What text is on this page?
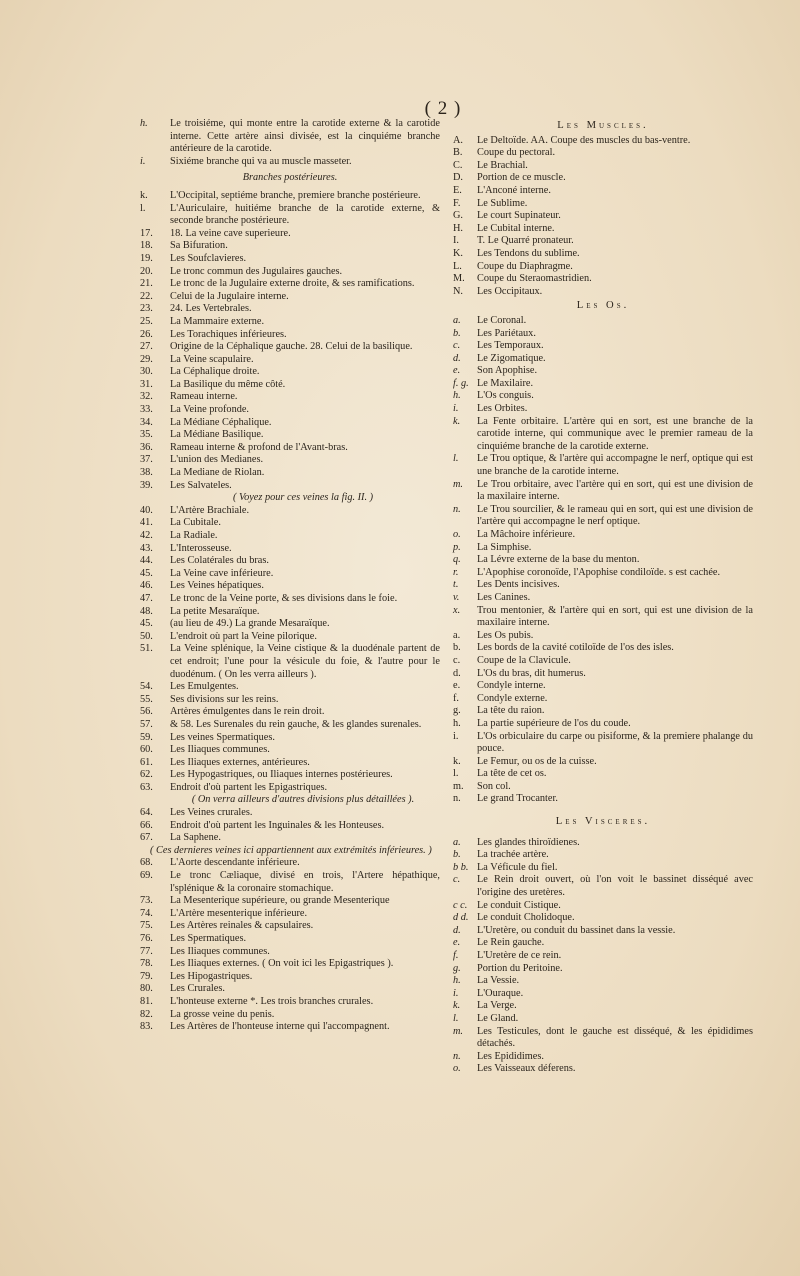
( 2 )
h.	Le troisiéme, qui monte entre la carotide externe & la carotide interne. Cette artère ainsi divisée, est la cinquiéme branche antérieure de la carotide.
i.	Sixiéme branche qui va au muscle masseter.
Branches postérieures.
k.	L'Occipital, septiéme branche, premiere branche postérieure.
l.	L'Auriculaire, huitiéme branche de la carotide externe, & seconde branche postérieure.
17.	18. La veine cave superieure.
18.	Sa Bifuration.
19.	Les Soufclavieres.
20.	Le tronc commun des Jugulaires gauches.
21.	Le tronc de la Jugulaire externe droite, & ses ramifications.
22.	Celui de la Jugulaire interne.
23.	24. Les Vertebrales.
25.	La Mammaire externe.
26.	Les Torachiques inférieures.
27.	Origine de la Céphalique gauche. 28. Celui de la basilique.
29.	La Veine scapulaire.
30.	La Céphalique droite.
31.	La Basilique du même côté.
32.	Rameau interne.
33.	La Veine profonde.
34.	La Médiane Céphalique.
35.	La Médiane Basilique.
36.	Rameau interne & profond de l'Avant-bras.
37.	L'union des Medianes.
38.	La Mediane de Riolan.
39.	Les Salvateles.
( Voyez pour ces veines la fig. II. )
40.	L'Artère Brachiale.
41.	La Cubitale.
42.	La Radiale.
43.	L'Interosseuse.
44.	Les Colatérales du bras.
45.	La Veine cave inférieure.
46.	Les Veines hépatiques.
47.	Le tronc de la Veine porte, & ses divisions dans le foie.
48.	La petite Mesaraïque.
45.	(au lieu de 49.) La grande Mesaraïque.
50.	L'endroit où part la Veine pilorique.
51.	La Veine splénique, la Veine cistique & la duodénale partent de cet endroit; l'une pour la vésicule du foie, & l'autre pour le duodénum. ( On les verra ailleurs ).
54.	Les Emulgentes.
55.	Ses divisions sur les reins.
56.	Artères émulgentes dans le rein droit.
57.	& 58. Les Surenales du rein gauche, & les glandes surenales.
59.	Les veines Spermatiques.
60.	Les Iliaques communes.
61.	Les Iliaques externes, antérieures.
62.	Les Hypogastriques, ou Iliaques internes postérieures.
63.	Endroit d'où partent les Epigastriques.
( On verra ailleurs d'autres divisions plus détaillées ).
64.	Les Veines crurales.
66.	Endroit d'où partent les Inguinales & les Honteuses.
67.	La Saphene.
( Ces dernieres veines ici appartiennent aux extrémités inférieures. )
68.	L'Aorte descendante inférieure.
69.	Le tronc Cæliaque, divisé en trois, l'Artere hépathique, l'splénique & la coronaire stomachique.
73.	La Mesenterique supérieure, ou grande Mesenterique
74.	L'Artère mesenterique inférieure.
75.	Les Artères reinales & capsulaires.
76.	Les Spermatiques.
77.	Les Iliaques communes.
78.	Les Iliaques externes. ( On voit ici les Epigastriques ).
79.	Les Hipogastriques.
80.	Les Crurales.
81.	L'honteuse externe *. Les trois branches crurales.
82.	La grosse veine du penis.
83.	Les Artères de l'honteuse interne qui l'accompagnent.
Les Muscles.
A.	Le Deltoïde. AA. Coupe des muscles du bas-ventre.
B.	Coupe du pectoral.
C.	Le Brachial.
D.	Portion de ce muscle.
E.	L'Anconé interne.
F.	Le Sublime.
G.	Le court Supinateur.
H.	Le Cubital interne.
I.	T. Le Quarré pronateur.
K.	Les Tendons du sublime.
L.	Coupe du Diaphragme.
M.	Coupe du Steraomastridien.
N.	Les Occipitaux.
Les Os.
a.	Le Coronal.
b.	Les Pariétaux.
c.	Les Temporaux.
d.	Le Zigomatique.
e.	Son Apophise.
f. g. Le Maxilaire.
h.	L'Os conguis.
i.	Les Orbites.
k.	La Fente orbitaire. L'artère qui en sort, est une branche de la carotide interne, qui communique avec le premier rameau de la cinquiéme branche de la carotide externe.
l.	Le Trou optique, & l'artère qui accompagne le nerf, optique qui est une branche de la carotide interne.
m.	Le Trou orbitaire, avec l'artère qui en sort, qui est une division de la maxilaire interne.
n.	Le Trou sourcilier, & le rameau qui en sort, qui est une division de l'artère qui accompagne le nerf optique.
o.	La Mâchoire inférieure.
p.	La Simphise.
q.	La Lévre externe de la base du menton.
r.	L'Apophise coronoïde, l'Apophise condiloïde. s est cachée.
t.	Les Dents incisives.
v.	Les Canines.
x.	Trou mentonier, & l'artère qui en sort, qui est une division de la maxilaire interne.
a.	Les Os pubis.
b.	Les bords de la cavité cotiloïde de l'os des isles.
c.	Coupe de la Clavicule.
d.	L'Os du bras, dit humerus.
e.	Condyle interne.
f.	Condyle externe.
g.	La tête du raion.
h.	La partie supérieure de l'os du coude.
i.	L'Os orbiculaire du carpe ou pisiforme, & la premiere phalange du pouce.
k.	Le Femur, ou os de la cuisse.
l.	La tête de cet os.
m.	Son col.
n.	Le grand Trocanter.
Les Visceres.
a.	Les glandes thiroïdienes.
b.	La trachée artère.
b b. La Véficule du fiel.
c.	Le Rein droit ouvert, où l'on voit le bassinet disséqué avec l'origine des uretères.
c c. Le conduit Cistique.
d d. Le conduit Cholidoque.
d.	L'Uretère, ou conduit du bassinet dans la vessie.
e.	Le Rein gauche.
f.	L'Uretère de ce rein.
g.	Portion du Peritoine.
h.	La Vessie.
i.	L'Ouraque.
k.	La Verge.
l.	Le Gland.
m.	Les Testicules, dont le gauche est disséqué, & les épididimes détachés.
n.	Les Epididimes.
o.	Les Vaisseaux déferens.
